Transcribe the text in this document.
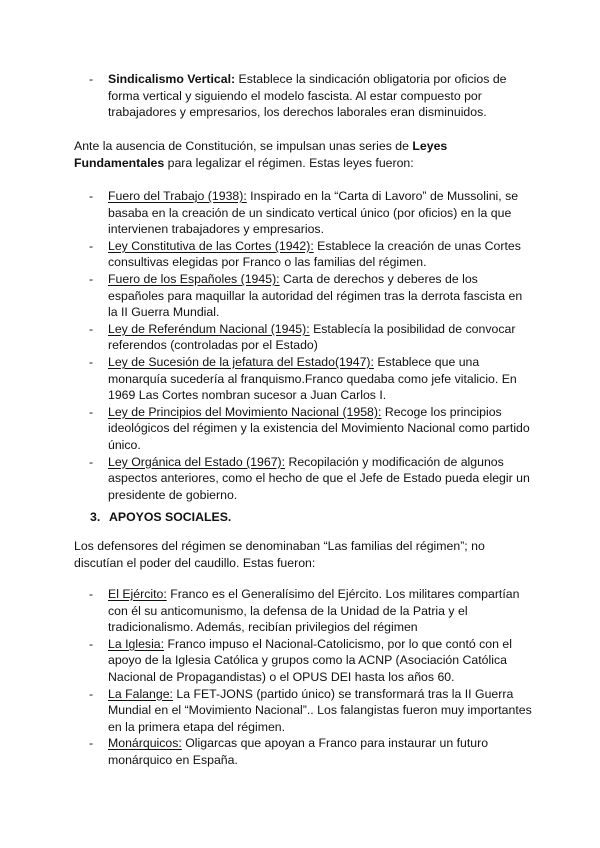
- Sindicalismo Vertical: Establece la sindicación obligatoria por oficios de forma vertical y siguiendo el modelo fascista. Al estar compuesto por trabajadores y empresarios, los derechos laborales eran disminuidos.

Ante la ausencia de Constitución, se impulsan unas series de Leyes Fundamentales para legalizar el régimen. Estas leyes fueron:

- Fuero del Trabajo (1938): Inspirado en la “Carta di Lavoro” de Mussolini, se basaba en la creación de un sindicato vertical único (por oficios) en la que intervienen trabajadores y empresarios.
- Ley Constitutiva de las Cortes (1942): Establece la creación de unas Cortes consultivas elegidas por Franco o las familias del régimen.
- Fuero de los Españoles (1945): Carta de derechos y deberes de los españoles para maquillar la autoridad del régimen tras la derrota fascista en la II Guerra Mundial.
- Ley de Referéndum Nacional (1945): Establecía la posibilidad de convocar referendos (controladas por el Estado)
- Ley de Sucesión de la jefatura del Estado(1947): Establece que una monarquía sucedería al franquismo.Franco quedaba como jefe vitalicio. En 1969 Las Cortes nombran sucesor a Juan Carlos I.
- Ley de Principios del Movimiento Nacional (1958): Recoge los principios ideológicos del régimen y la existencia del Movimiento Nacional como partido único.
- Ley Orgánica del Estado (1967): Recopilación y modificación de algunos aspectos anteriores, como el hecho de que el Jefe de Estado pueda elegir un presidente de gobierno.
3. APOYOS SOCIALES.

Los defensores del régimen se denominaban “Las familias del régimen”; no discutían el poder del caudillo. Estas fueron:

- El Ejército: Franco es el Generalísimo del Ejército. Los militares compartían con él su anticomunismo, la defensa de la Unidad de la Patria y el tradicionalismo. Además, recibían privilegios del régimen
- La Iglesia: Franco impuso el Nacional-Catolicismo, por lo que contó con el apoyo de la Iglesia Católica y grupos como la ACNP (Asociación Católica Nacional de Propagandistas) o el OPUS DEI hasta los años 60.
- La Falange: La FET-JONS (partido único) se transformará tras la II Guerra Mundial en el “Movimiento Nacional”.. Los falangistas fueron muy importantes en la primera etapa del régimen.
- Monárquicos: Oligarcas que apoyan a Franco para instaurar un futuro monárquico en España.
